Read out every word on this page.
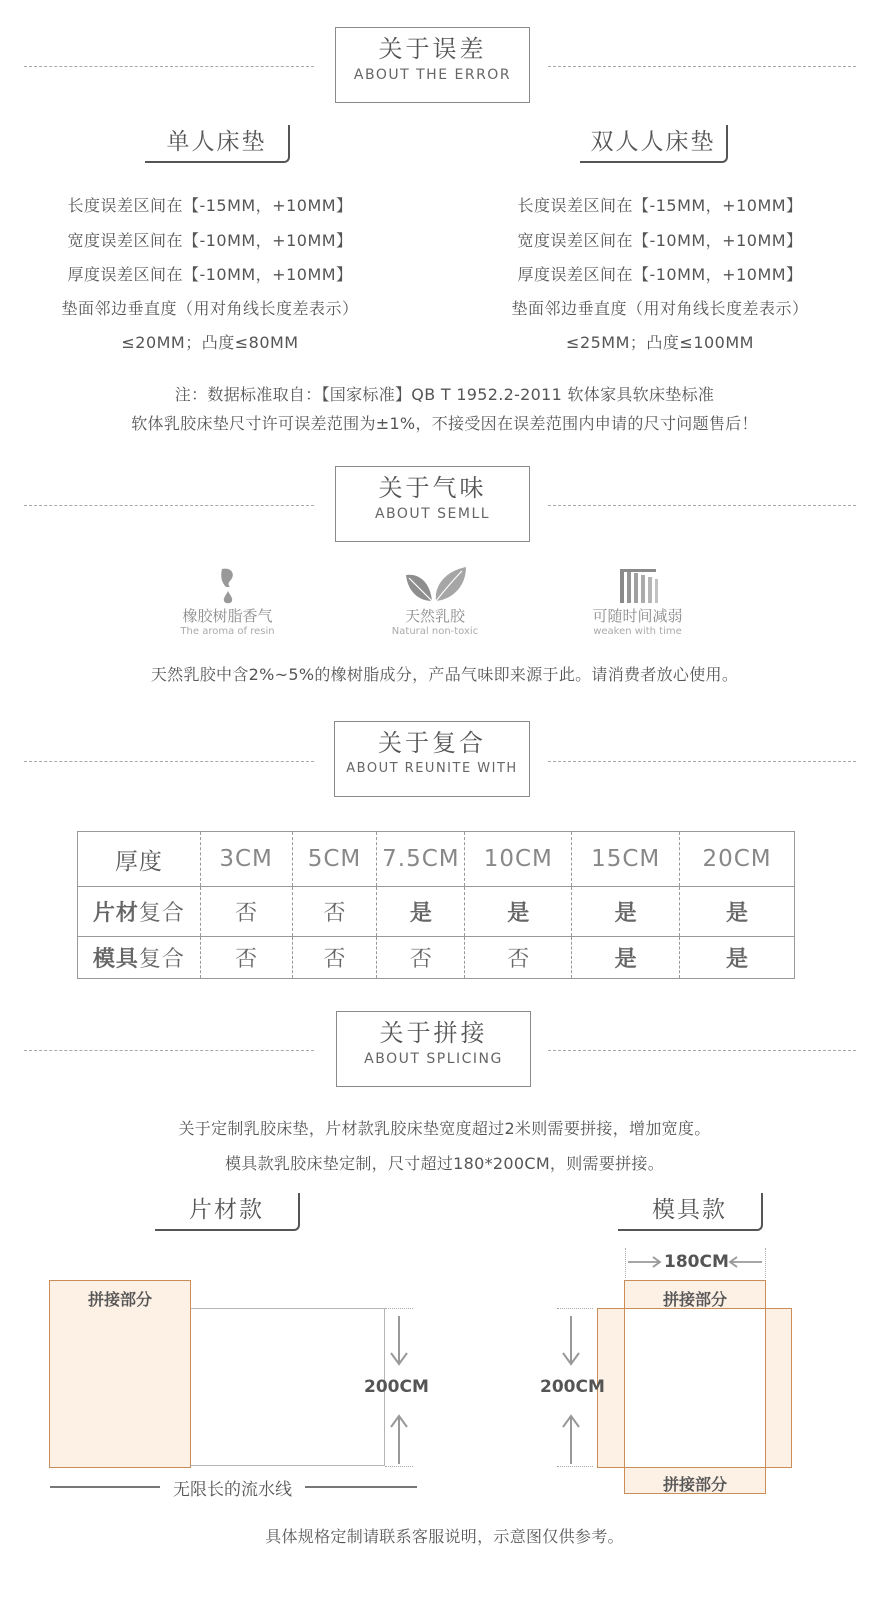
关于误差
ABOUT THE ERROR
单人床垫	双人人床垫
长度误差区间在【-15MM，+10MM】
宽度误差区间在【-10MM，+10MM】
厚度误差区间在【-10MM，+10MM】
垫面邻边垂直度（用对角线长度差表示）
≤20MM；凸度≤80MM
长度误差区间在【-15MM，+10MM】
宽度误差区间在【-10MM，+10MM】
厚度误差区间在【-10MM，+10MM】
垫面邻边垂直度（用对角线长度差表示）
≤25MM；凸度≤100MM
注：数据标准取自：【国家标准】QB T 1952.2-2011 软体家具软床垫标准
软体乳胶床垫尺寸许可误差范围为±1%，不接受因在误差范围内申请的尺寸问题售后！
关于气味
ABOUT SEMLL
橡胶树脂香气
The aroma of resin
天然乳胶
Natural non-toxic
可随时间减弱
weaken with time
天然乳胶中含2%~5%的橡树脂成分，产品气味即来源于此。请消费者放心使用。
关于复合
ABOUT REUNITE WITH
厚度	3CM	5CM	7.5CM	10CM	15CM	20CM
片材复合	否	否	是	是	是	是
模具复合	否	否	否	否	是	是
关于拼接
ABOUT SPLICING
关于定制乳胶床垫，片材款乳胶床垫宽度超过2米则需要拼接，增加宽度。
模具款乳胶床垫定制，尺寸超过180*200CM，则需要拼接。
片材款	模具款
拼接部分
200CM
无限长的流水线
180CM
拼接部分
拼接部分
200CM
具体规格定制请联系客服说明，示意图仅供参考。
